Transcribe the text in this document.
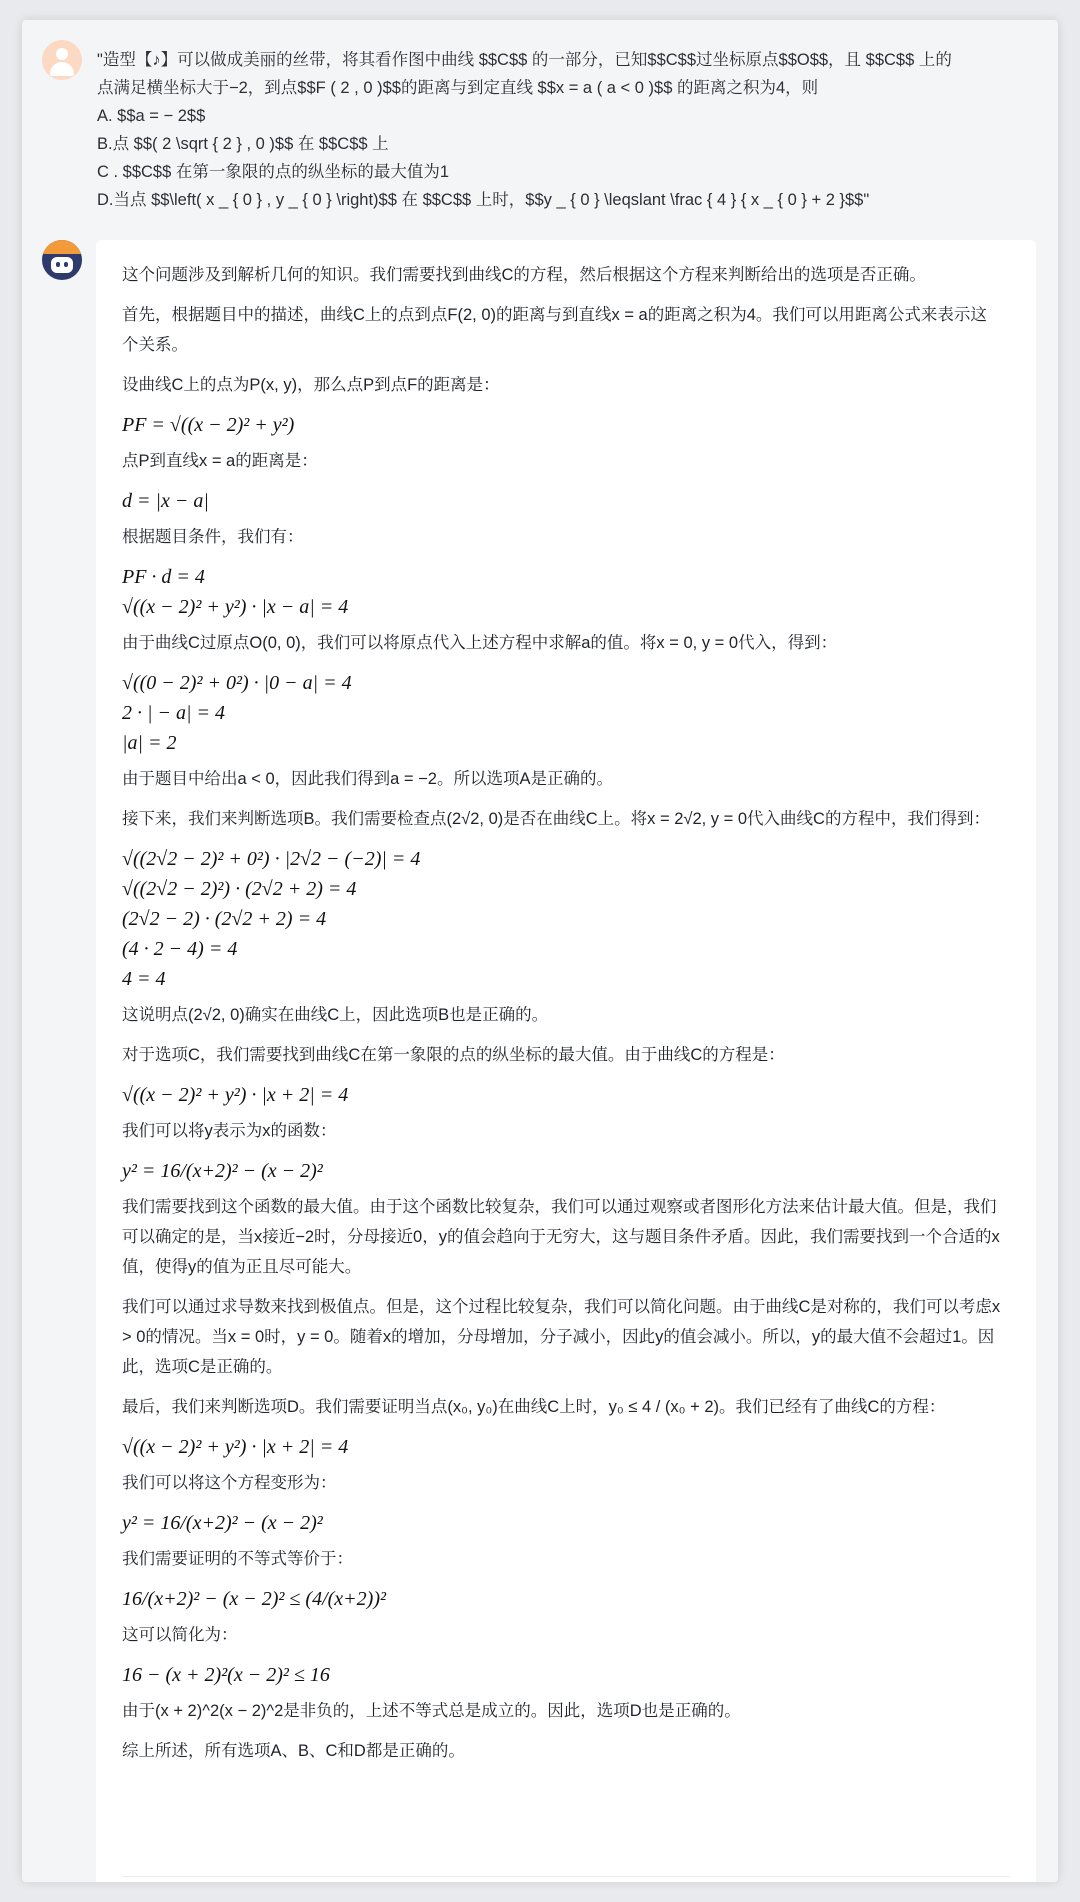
"造型【♪】可以做成美丽的丝带，将其看作图中曲线 $$C$$ 的一部分，已知$$C$$过坐标原点$$O$$，且 $$C$$ 上的
点满足横坐标大于−2，到点$$F ( 2 , 0 )$$的距离与到定直线 $$x = a ( a < 0 )$$ 的距离之积为4，则
A. $$a = − 2$$
B.点 $$( 2 \sqrt { 2 } , 0 )$$ 在 $$C$$ 上
C . $$C$$ 在第一象限的点的纵坐标的最大值为1
D.当点 $$\left( x _ { 0 } , y _ { 0 } \right)$$ 在 $$C$$ 上时，$$y _ { 0 } \leqslant \frac { 4 } { x _ { 0 } + 2 }$$"
这个问题涉及到解析几何的知识。我们需要找到曲线C的方程，然后根据这个方程来判断给出的选项是否正确。
首先，根据题目中的描述，曲线C上的点到点F(2, 0)的距离与到直线x = a的距离之积为4。我们可以用距离公式来表示这个关系。
设曲线C上的点为P(x, y)，那么点P到点F的距离是：
PF = √((x − 2)² + y²)
点P到直线x = a的距离是：
d = |x − a|
根据题目条件，我们有：
PF · d = 4
√((x − 2)² + y²) · |x − a| = 4
由于曲线C过原点O(0, 0)，我们可以将原点代入上述方程中求解a的值。将x = 0, y = 0代入，得到：
√((0 − 2)² + 0²) · |0 − a| = 4
2 · | − a| = 4
|a| = 2
由于题目中给出a < 0，因此我们得到a = −2。所以选项A是正确的。
接下来，我们来判断选项B。我们需要检查点(2√2, 0)是否在曲线C上。将x = 2√2, y = 0代入曲线C的方程中，我们得到：
√((2√2 − 2)² + 0²) · |2√2 − (−2)| = 4
√((2√2 − 2)²) · (2√2 + 2) = 4
(2√2 − 2) · (2√2 + 2) = 4
(4 · 2 − 4) = 4
4 = 4
这说明点(2√2, 0)确实在曲线C上，因此选项B也是正确的。
对于选项C，我们需要找到曲线C在第一象限的点的纵坐标的最大值。由于曲线C的方程是：
√((x − 2)² + y²) · |x + 2| = 4
我们可以将y表示为x的函数：
y² = 16/(x+2)² − (x − 2)²
我们需要找到这个函数的最大值。由于这个函数比较复杂，我们可以通过观察或者图形化方法来估计最大值。但是，我们可以确定的是，当x接近−2时，分母接近0，y的值会趋向于无穷大，这与题目条件矛盾。因此，我们需要找到一个合适的x值，使得y的值为正且尽可能大。
我们可以通过求导数来找到极值点。但是，这个过程比较复杂，我们可以简化问题。由于曲线C是对称的，我们可以考虑x > 0的情况。当x = 0时，y = 0。随着x的增加，分母增加，分子减小，因此y的值会减小。所以，y的最大值不会超过1。因此，选项C是正确的。
最后，我们来判断选项D。我们需要证明当点(x₀, y₀)在曲线C上时，y₀ ≤ 4 / (x₀ + 2)。我们已经有了曲线C的方程：
√((x − 2)² + y²) · |x + 2| = 4
我们可以将这个方程变形为：
y² = 16/(x+2)² − (x − 2)²
我们需要证明的不等式等价于：
16/(x+2)² − (x − 2)² ≤ (4/(x+2))²
这可以简化为：
16 − (x + 2)²(x − 2)² ≤ 16
由于(x + 2)^2(x − 2)^2是非负的，上述不等式总是成立的。因此，选项D也是正确的。
综上所述，所有选项A、B、C和D都是正确的。
